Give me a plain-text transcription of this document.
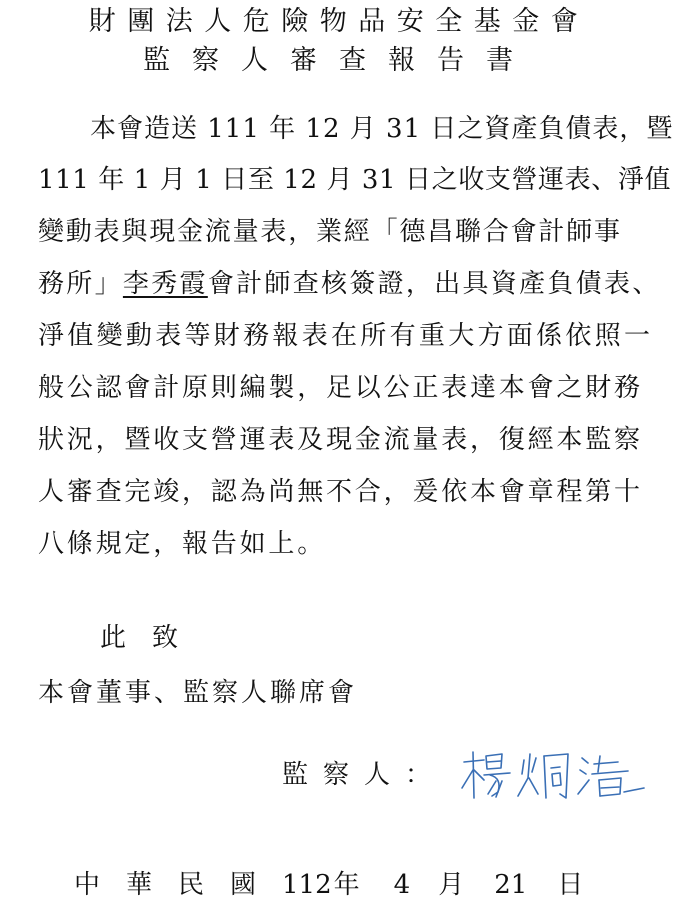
財團法人危險物品安全基金會
監察人審查報告書
本會造送 111 年 12 月 31 日之資產負債表，暨
111 年 1 月 1 日至 12 月 31 日之收支營運表、淨值
變動表與現金流量表，業經「德昌聯合會計師事
務所」李秀霞會計師查核簽證，出具資產負債表、
淨值變動表等財務報表在所有重大方面係依照一
般公認會計原則編製，足以公正表達本會之財務
狀況，暨收支營運表及現金流量表，復經本監察
人審查完竣，認為尚無不合，爰依本會章程第十
八條規定，報告如上。
此致
本會董事、監察人聯席會
監察人：
中華民國112年 4 月 21 日
